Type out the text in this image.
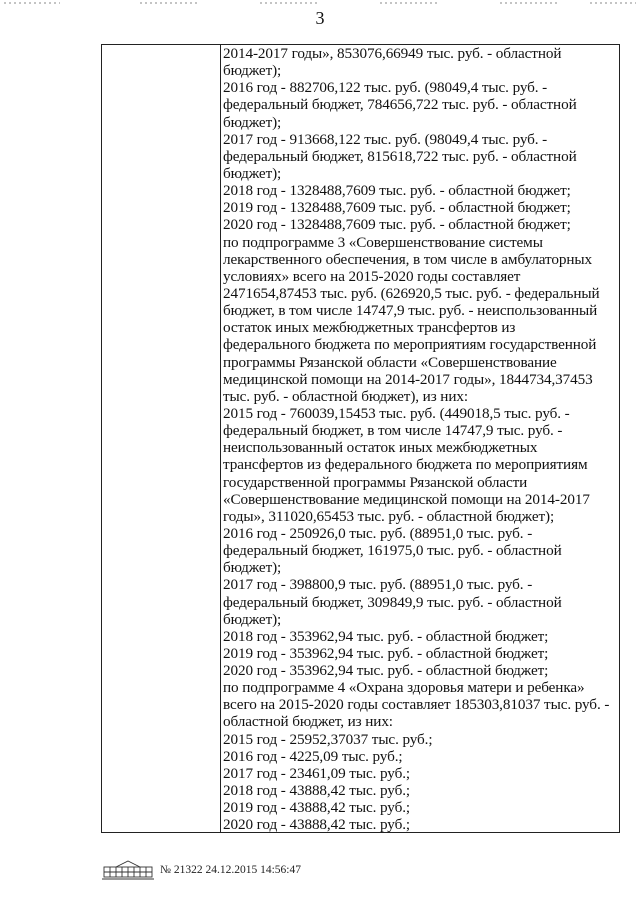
3
2014-2017 годы», 853076,66949 тыс. руб. - областной
бюджет);
2016 год - 882706,122 тыс. руб. (98049,4 тыс. руб. -
федеральный бюджет, 784656,722 тыс. руб. - областной
бюджет);
2017 год - 913668,122 тыс. руб. (98049,4 тыс. руб. -
федеральный бюджет, 815618,722 тыс. руб. - областной
бюджет);
2018 год - 1328488,7609 тыс. руб. - областной бюджет;
2019 год - 1328488,7609 тыс. руб. - областной бюджет;
2020 год - 1328488,7609 тыс. руб. - областной бюджет;
по подпрограмме 3 «Совершенствование системы
лекарственного обеспечения, в том числе в амбулаторных
условиях» всего на 2015-2020 годы составляет
2471654,87453 тыс. руб. (626920,5 тыс. руб. - федеральный
бюджет, в том числе 14747,9 тыс. руб. - неиспользованный
остаток иных межбюджетных трансфертов из
федерального бюджета по мероприятиям государственной
программы Рязанской области «Совершенствование
медицинской помощи на 2014-2017 годы», 1844734,37453
тыс. руб. - областной бюджет), из них:
2015 год - 760039,15453 тыс. руб. (449018,5 тыс. руб. -
федеральный бюджет, в том числе 14747,9 тыс. руб. -
неиспользованный остаток иных межбюджетных
трансфертов из федерального бюджета по мероприятиям
государственной программы Рязанской области
«Совершенствование медицинской помощи на 2014-2017
годы», 311020,65453 тыс. руб. - областной бюджет);
2016 год - 250926,0 тыс. руб. (88951,0 тыс. руб. -
федеральный бюджет, 161975,0 тыс. руб. - областной
бюджет);
2017 год - 398800,9 тыс. руб. (88951,0 тыс. руб. -
федеральный бюджет, 309849,9 тыс. руб. - областной
бюджет);
2018 год - 353962,94 тыс. руб. - областной бюджет;
2019 год - 353962,94 тыс. руб. - областной бюджет;
2020 год - 353962,94 тыс. руб. - областной бюджет;
по подпрограмме 4 «Охрана здоровья матери и ребенка»
всего на 2015-2020 годы составляет 185303,81037 тыс. руб. -
областной бюджет, из них:
2015 год - 25952,37037 тыс. руб.;
2016 год - 4225,09 тыс. руб.;
2017 год - 23461,09 тыс. руб.;
2018 год - 43888,42 тыс. руб.;
2019 год - 43888,42 тыс. руб.;
2020 год - 43888,42 тыс. руб.;
№ 21322 24.12.2015 14:56:47
